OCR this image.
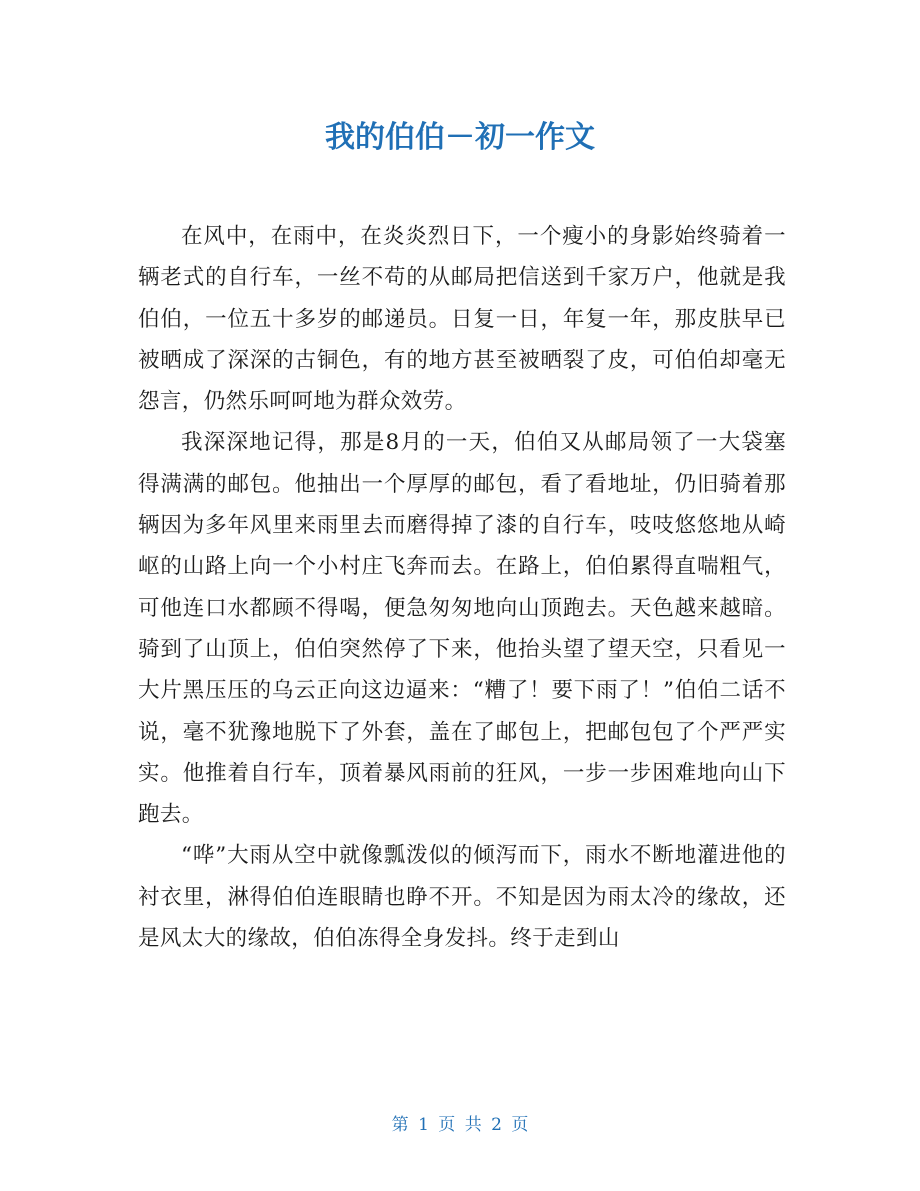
我的伯伯－初一作文

在风中，在雨中，在炎炎烈日下，一个瘦小的身影始终骑着一辆老式的自行车，一丝不苟的从邮局把信送到千家万户，他就是我伯伯，一位五十多岁的邮递员。日复一日，年复一年，那皮肤早已被晒成了深深的古铜色，有的地方甚至被晒裂了皮，可伯伯却毫无怨言，仍然乐呵呵地为群众效劳。

我深深地记得，那是8月的一天，伯伯又从邮局领了一大袋塞得满满的邮包。他抽出一个厚厚的邮包，看了看地址，仍旧骑着那辆因为多年风里来雨里去而磨得掉了漆的自行车，吱吱悠悠地从崎岖的山路上向一个小村庄飞奔而去。在路上，伯伯累得直喘粗气，可他连口水都顾不得喝，便急匆匆地向山顶跑去。天色越来越暗。骑到了山顶上，伯伯突然停了下来，他抬头望了望天空，只看见一大片黑压压的乌云正向这边逼来：“糟了！要下雨了！”伯伯二话不说，毫不犹豫地脱下了外套，盖在了邮包上，把邮包包了个严严实实。他推着自行车，顶着暴风雨前的狂风，一步一步困难地向山下跑去。

“哗”大雨从空中就像瓢泼似的倾泻而下，雨水不断地灌进他的衬衣里，淋得伯伯连眼睛也睁不开。不知是因为雨太冷的缘故，还是风太大的缘故，伯伯冻得全身发抖。终于走到山

第 1 页 共 2 页
